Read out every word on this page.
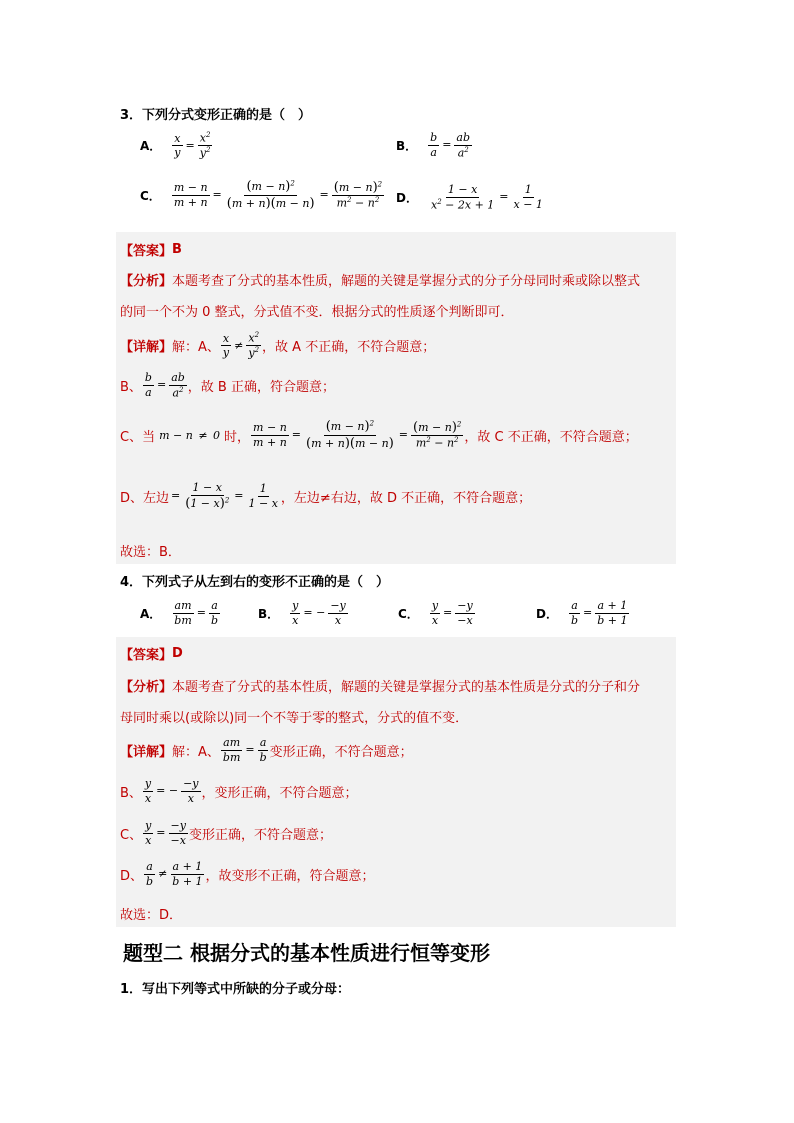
3．下列分式变形正确的是（　）
A． $\frac{x}{y} = \frac{x^2}{y^2}$	B． $\frac{b}{a} = \frac{ab}{a^2}$
C． $\frac{m - n}{m + n} = \frac{(m - n)^2}{(m + n)(m - n)} = \frac{(m - n)^2}{m^2 - n^2}$ D． $\frac{1 - x}{x^2 - 2x + 1} = \frac{1}{x - 1}$
【答案】 B
【分析】 本题考查了分式的基本性质，解题的关键是掌握分式的分子分母同时乘或除以整式
的同一个不为 0 整式，分式值不变．根据分式的性质逐个判断即可．
【详解】 解：A、 $\frac{x}{y} \ne \frac{x^2}{y^2}$ ，故 A 不正确，不符合题意；
B、 $\frac{b}{a} = \frac{ab}{a^2}$ ，故 B 正确，符合题意；
C、当 m − n ≠ 0 时， $\frac{m - n}{m + n} = \frac{(m - n)^2}{(m + n)(m - n)} = \frac{(m - n)^2}{m^2 - n^2}$ ，故 C 不正确，不符合题意；
D、左边 = $\frac{1 - x}{(1 - x)^2} = \frac{1}{1 - x}$ ，左边≠右边，故 D 不正确，不符合题意；
故选：B．
4．下列式子从左到右的变形不正确的是（　）
A． $\frac{am}{bm} = \frac{a}{b}$	B． $\frac{y}{x}$ = − $\frac{-y}{x}$	C． $\frac{y}{x} = \frac{-y}{-x}$	D． $\frac{a}{b} = \frac{a + 1}{b + 1}$
【答案】 D
【分析】 本题考查了分式的基本性质，解题的关键是掌握分式的基本性质是分式的分子和分
母同时乘以(或除以)同一个不等于零的整式，分式的值不变．
【详解】 解：A、 $\frac{am}{bm} = \frac{a}{b}$ 变形正确，不符合题意；
B、 $\frac{y}{x}$ = − $\frac{-y}{x}$ ，变形正确，不符合题意；
C、 $\frac{y}{x} = \frac{-y}{-x}$ 变形正确，不符合题意；
D、 $\frac{a}{b} \ne \frac{a + 1}{b + 1}$ ，故变形不正确，符合题意；
故选：D．
题型二 根据分式的基本性质进行恒等变形
1．写出下列等式中所缺的分子或分母：
